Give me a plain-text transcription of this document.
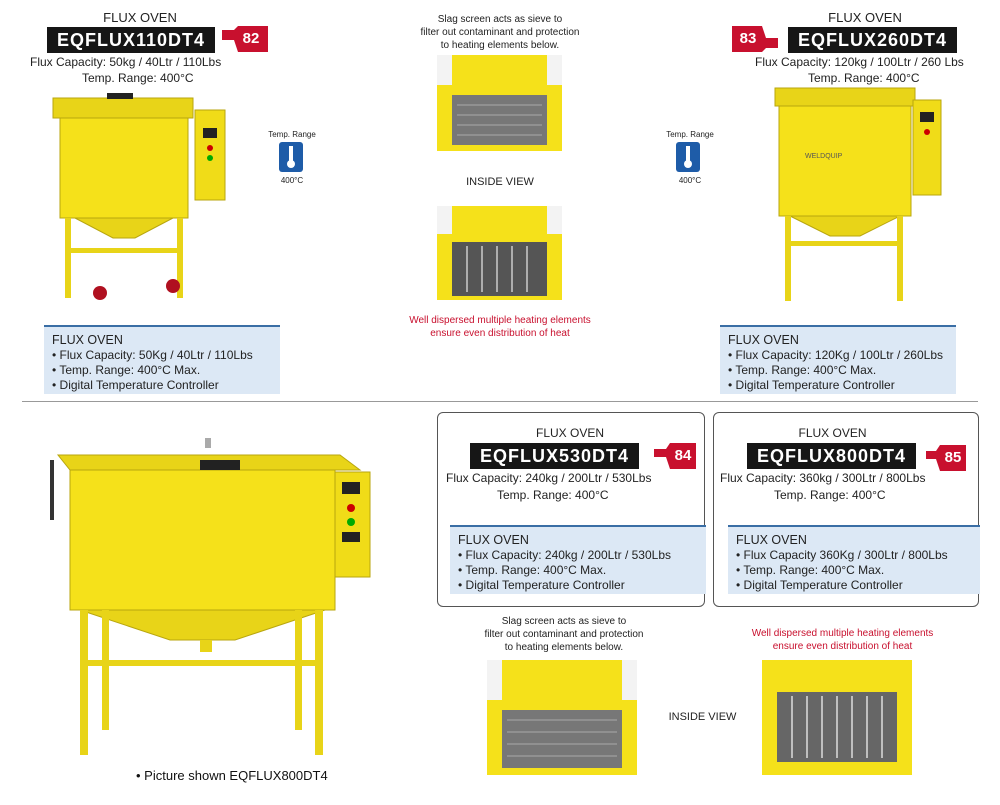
FLUX OVEN
EQFLUX110DT4	82
Flux Capacity: 50kg / 40Ltr / 110Lbs
Temp. Range: 400°C
Temp. Range
400°C
FLUX OVEN
• Flux Capacity: 50Kg / 40Ltr / 110Lbs
• Temp. Range: 400°C Max.
• Digital Temperature Controller
Slag screen acts as sieve to
filter out contaminant and protection
to heating elements below.
INSIDE VIEW
Well dispersed multiple heating elements
ensure even distribution of heat
FLUX OVEN
83	EQFLUX260DT4
Flux Capacity: 120kg / 100Ltr / 260 Lbs
Temp. Range: 400°C
Temp. Range
400°C
WELDQUIP
FLUX OVEN
• Flux Capacity: 120Kg / 100Ltr / 260Lbs
• Temp. Range: 400°C Max.
• Digital Temperature Controller
• Picture shown EQFLUX800DT4
FLUX OVEN
EQFLUX530DT4	84
Flux Capacity: 240kg / 200Ltr / 530Lbs
Temp. Range: 400°C
FLUX OVEN
• Flux Capacity: 240kg / 200Ltr / 530Lbs
• Temp. Range: 400°C Max.
• Digital Temperature Controller
FLUX OVEN
EQFLUX800DT4	85
Flux Capacity: 360kg / 300Ltr / 800Lbs
Temp. Range: 400°C
FLUX OVEN
• Flux Capacity 360Kg / 300Ltr / 800Lbs
• Temp. Range: 400°C Max.
• Digital Temperature Controller
Slag screen acts as sieve to
filter out contaminant and protection
to heating elements below.
Well dispersed multiple heating elements
ensure even distribution of heat
INSIDE VIEW
